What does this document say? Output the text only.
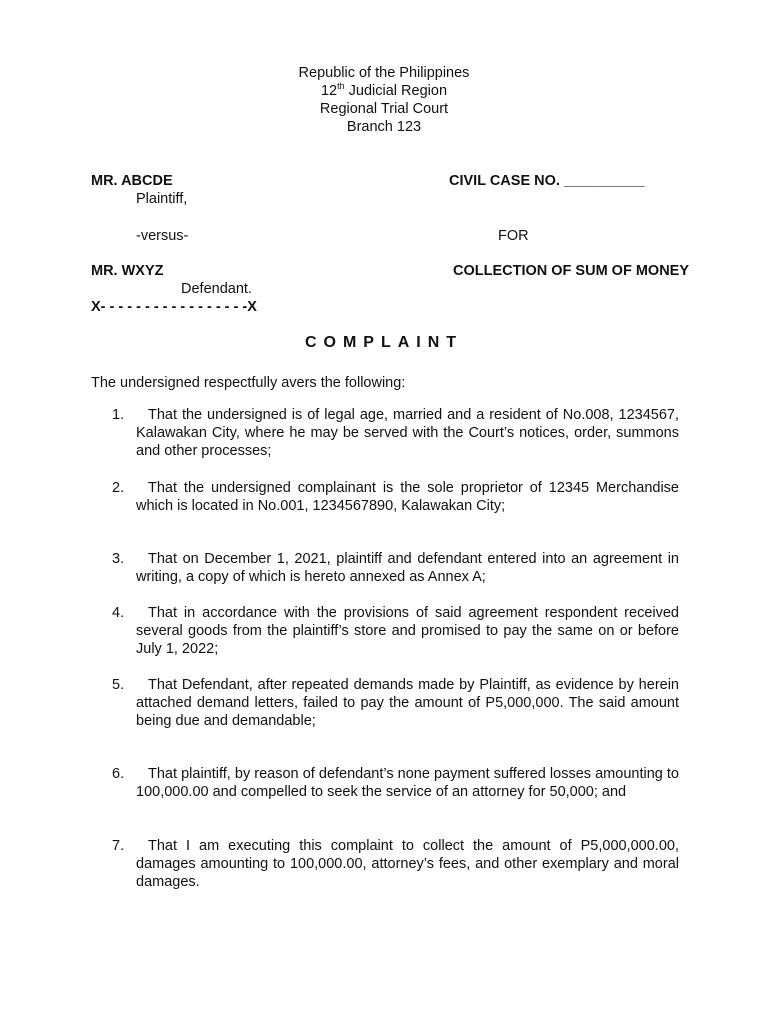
Republic of the Philippines
12th Judicial Region
Regional Trial Court
Branch 123
MR. ABCDE
Plaintiff,
-versus-
MR. WXYZ
Defendant.
X- - - - - - - - - - - - - - - - -X
CIVIL CASE NO. __________
FOR
COLLECTION OF SUM OF MONEY
COMPLAINT
The undersigned respectfully avers the following:
1.	That the undersigned is of legal age, married and a resident of No.008, 1234567, Kalawakan City, where he may be served with the Court’s notices, order, summons and other processes;
2.	That the undersigned complainant is the sole proprietor of 12345 Merchandise which is located in No.001, 1234567890, Kalawakan City;
3.	That on December 1, 2021, plaintiff and defendant entered into an agreement in writing, a copy of which is hereto annexed as Annex A;
4.	That in accordance with the provisions of said agreement respondent received several goods from the plaintiff’s store and promised to pay the same on or before July 1, 2022;
5.	That Defendant, after repeated demands made by Plaintiff, as evidence by herein attached demand letters, failed to pay the amount of P5,000,000. The said amount being due and demandable;
6.	That plaintiff, by reason of defendant’s none payment suffered losses amounting to 100,000.00 and compelled to seek the service of an attorney for 50,000; and
7.	That I am executing this complaint to collect the amount of P5,000,000.00, damages amounting to 100,000.00, attorney’s fees, and other exemplary and moral damages.
